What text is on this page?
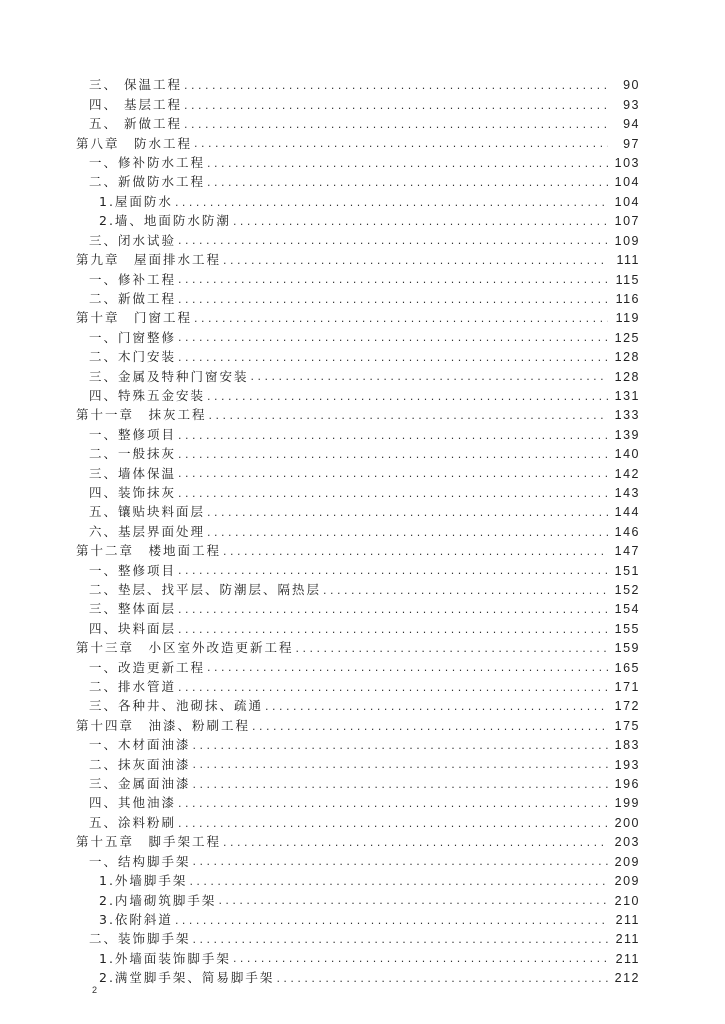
三、 保温工程 . . .	90
四、 基层工程 . . .	93
五、 新做工程 . . .	94
第八章　防水工程 . . .	97
一、修补防水工程 . . .	103
二、新做防水工程 . . .	104
1.屋面防水 . . .	104
2.墙、地面防水防潮 . . .	107
三、闭水试验 . . .	109
第九章　屋面排水工程 . . .	111
一、修补工程 . . .	115
二、新做工程 . . .	116
第十章　门窗工程 . . .	119
一、门窗整修 . . .	125
二、木门安装 . . .	128
三、金属及特种门窗安装 . . .	128
四、特殊五金安装 . . .	131
第十一章　抹灰工程 . . .	133
一、整修项目 . . .	139
二、一般抹灰 . . .	140
三、墙体保温 . . .	142
四、装饰抹灰 . . .	143
五、镶贴块料面层 . . .	144
六、基层界面处理 . . .	146
第十二章　楼地面工程 . . .	147
一、整修项目 . . .	151
二、垫层、找平层、防潮层、隔热层 . . .	152
三、整体面层 . . .	154
四、块料面层 . . .	155
第十三章　小区室外改造更新工程 . . .	159
一、改造更新工程 . . .	165
二、排水管道 . . .	171
三、各种井、池砌抹、疏通 . . .	172
第十四章　油漆、粉刷工程 . . .	175
一、木材面油漆 . . .	183
二、抹灰面油漆 . . .	193
三、金属面油漆 . . .	196
四、其他油漆 . . .	199
五、涂料粉刷 . . .	200
第十五章　脚手架工程 . . .	203
一、结构脚手架 . . .	209
1.外墙脚手架 . . .	209
2.内墙砌筑脚手架 . . .	210
3.依附斜道 . . .	211
二、装饰脚手架 . . .	211
1.外墙面装饰脚手架 . . .	211
2.满堂脚手架、简易脚手架 . . .	212
2
